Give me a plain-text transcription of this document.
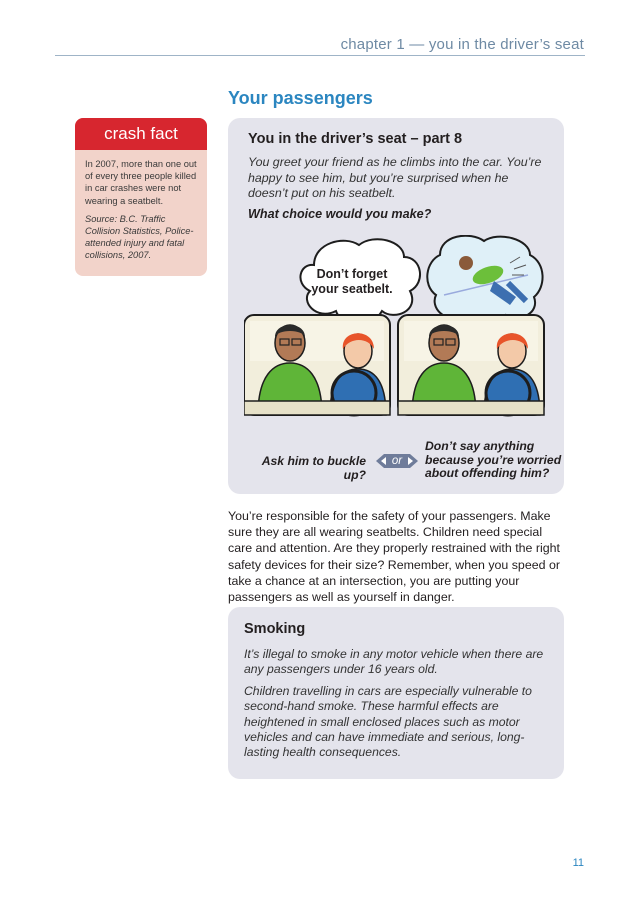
chapter 1 — you in the driver’s seat
Your passengers
crash fact

In 2007, more than one out of every three people killed in car crashes were not wearing a seatbelt.

Source: B.C. Traffic Collision Statistics, Police-attended injury and fatal collisions, 2007.

You in the driver’s seat – part 8
You greet your friend as he climbs into the car. You’re happy to see him, but you’re surprised when he doesn’t put on his seatbelt.
What choice would you make?
Don’t forget
your seatbelt.
Ask him to buckle up?
or
Don’t say anything because you’re worried about offending him?
You’re responsible for the safety of your passengers. Make sure they are all wearing seatbelts. Children need special care and attention. Are they properly restrained with the right safety devices for their size? Remember, when you speed or take a chance at an intersection, you are putting your passengers as well as yourself in danger.
Smoking
It’s illegal to smoke in any motor vehicle when there are any passengers under 16 years old.
Children travelling in cars are especially vulnerable to second-hand smoke. These harmful effects are heightened in small enclosed places such as motor vehicles and can have immediate and serious, long-lasting health consequences.
11
